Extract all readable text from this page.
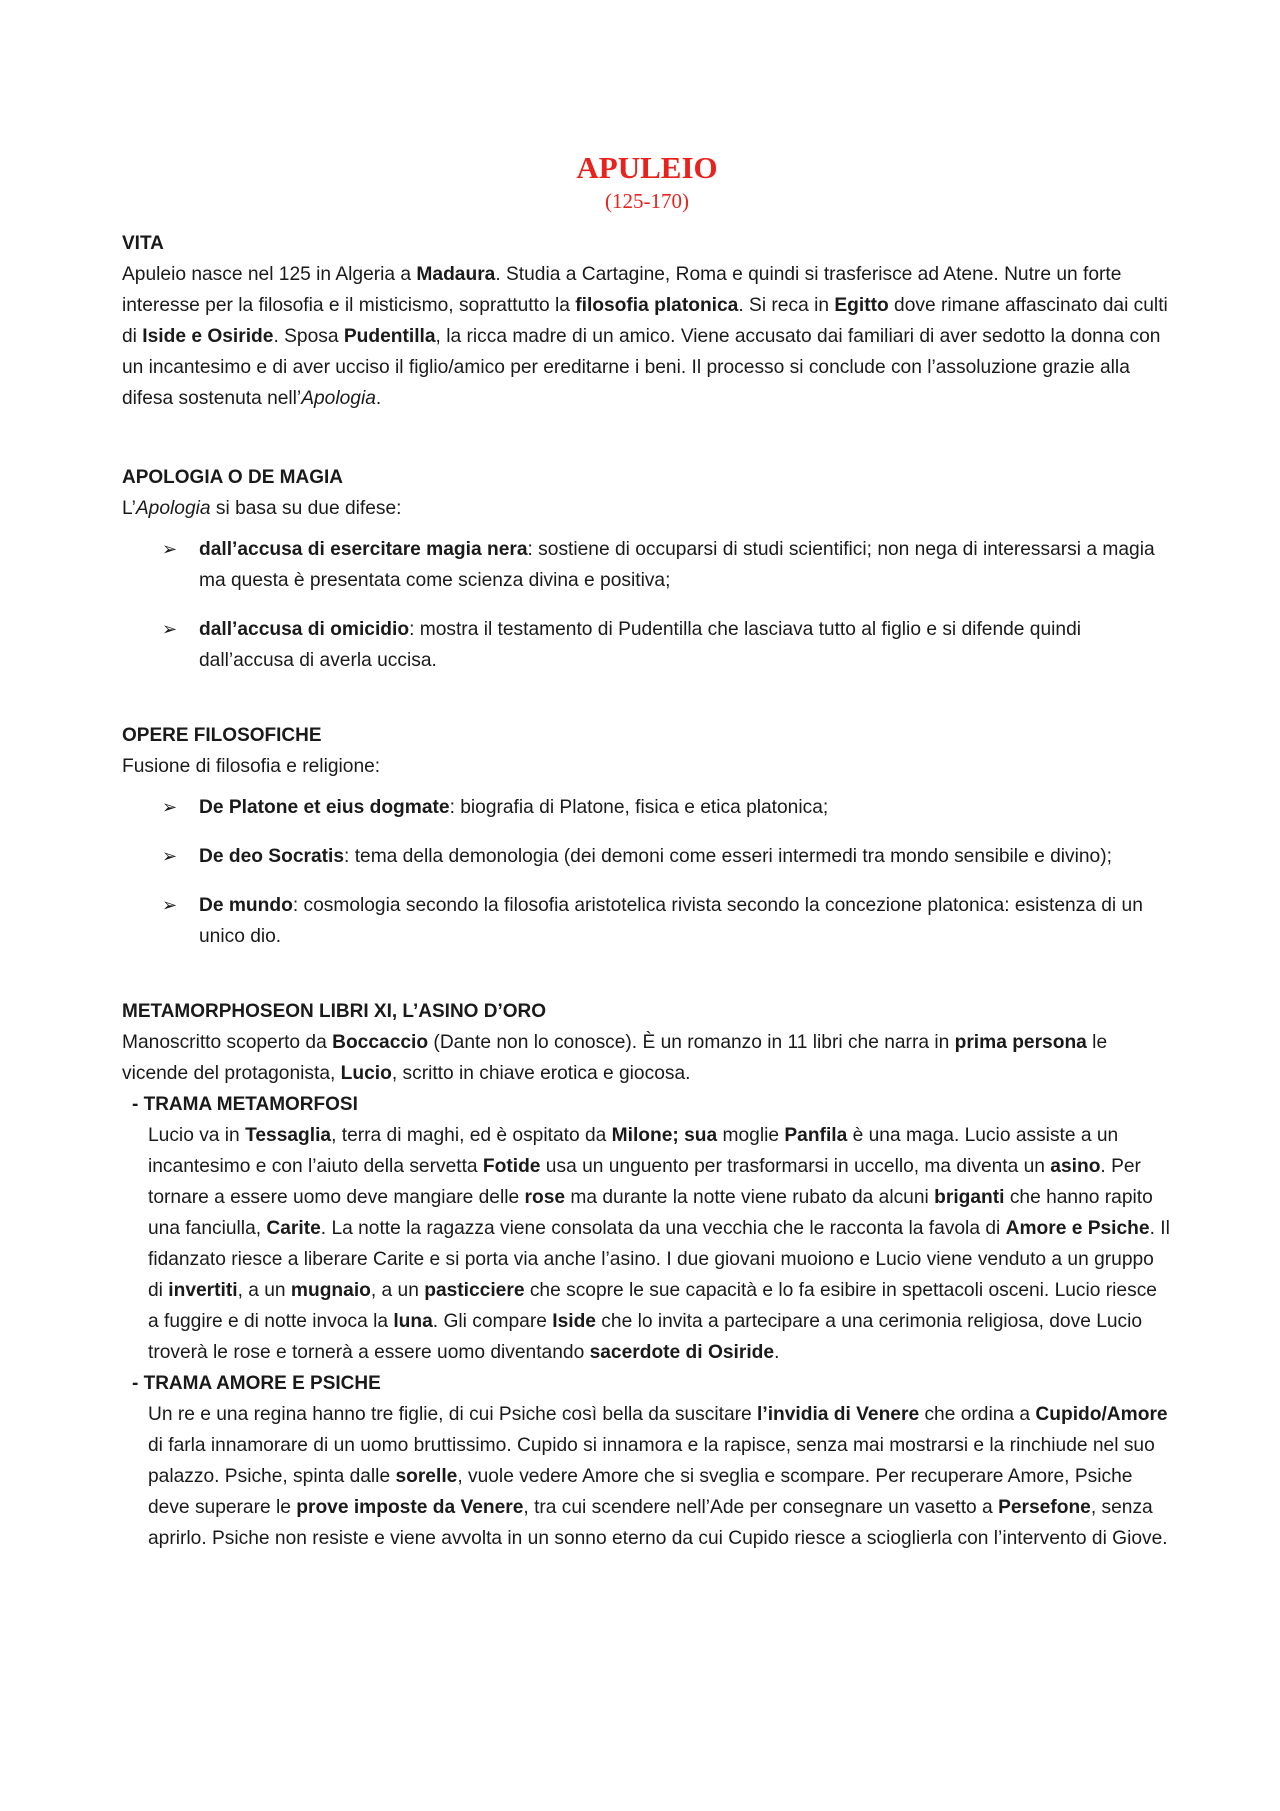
APULEIO

(125-170)

VITA

Apuleio nasce nel 125 in Algeria a Madaura. Studia a Cartagine, Roma e quindi si trasferisce ad Atene. Nutre un forte interesse per la filosofia e il misticismo, soprattutto la filosofia platonica. Si reca in Egitto dove rimane affascinato dai culti di Iside e Osiride. Sposa Pudentilla, la ricca madre di un amico. Viene accusato dai familiari di aver sedotto la donna con un incantesimo e di aver ucciso il figlio/amico per ereditarne i beni. Il processo si conclude con l’assoluzione grazie alla difesa sostenuta nell’Apologia.

APOLOGIA O DE MAGIA

L’Apologia si basa su due difese:

➢ dall’accusa di esercitare magia nera: sostiene di occuparsi di studi scientifici; non nega di interessarsi a magia ma questa è presentata come scienza divina e positiva;
➢ dall’accusa di omicidio: mostra il testamento di Pudentilla che lasciava tutto al figlio e si difende quindi dall’accusa di averla uccisa.

OPERE FILOSOFICHE

Fusione di filosofia e religione:

➢ De Platone et eius dogmate: biografia di Platone, fisica e etica platonica;
➢ De deo Socratis: tema della demonologia (dei demoni come esseri intermedi tra mondo sensibile e divino);
➢ De mundo: cosmologia secondo la filosofia aristotelica rivista secondo la concezione platonica: esistenza di un unico dio.

METAMORPHOSEON LIBRI XI, L’ASINO D’ORO

Manoscritto scoperto da Boccaccio (Dante non lo conosce). È un romanzo in 11 libri che narra in prima persona le vicende del protagonista, Lucio, scritto in chiave erotica e giocosa.

- TRAMA METAMORFOSI

Lucio va in Tessaglia, terra di maghi, ed è ospitato da Milone; sua moglie Panfila è una maga. Lucio assiste a un incantesimo e con l’aiuto della servetta Fotide usa un unguento per trasformarsi in uccello, ma diventa un asino. Per tornare a essere uomo deve mangiare delle rose ma durante la notte viene rubato da alcuni briganti che hanno rapito una fanciulla, Carite. La notte la ragazza viene consolata da una vecchia che le racconta la favola di Amore e Psiche. Il fidanzato riesce a liberare Carite e si porta via anche l’asino. I due giovani muoiono e Lucio viene venduto a un gruppo di invertiti, a un mugnaio, a un pasticciere che scopre le sue capacità e lo fa esibire in spettacoli osceni. Lucio riesce a fuggire e di notte invoca la luna. Gli compare Iside che lo invita a partecipare a una cerimonia religiosa, dove Lucio troverà le rose e tornerà a essere uomo diventando sacerdote di Osiride.

- TRAMA AMORE E PSICHE

Un re e una regina hanno tre figlie, di cui Psiche così bella da suscitare l’invidia di Venere che ordina a Cupido/Amore di farla innamorare di un uomo bruttissimo. Cupido si innamora e la rapisce, senza mai mostrarsi e la rinchiude nel suo palazzo. Psiche, spinta dalle sorelle, vuole vedere Amore che si sveglia e scompare. Per recuperare Amore, Psiche deve superare le prove imposte da Venere, tra cui scendere nell’Ade per consegnare un vasetto a Persefone, senza aprirlo. Psiche non resiste e viene avvolta in un sonno eterno da cui Cupido riesce a scioglierla con l’intervento di Giove.
